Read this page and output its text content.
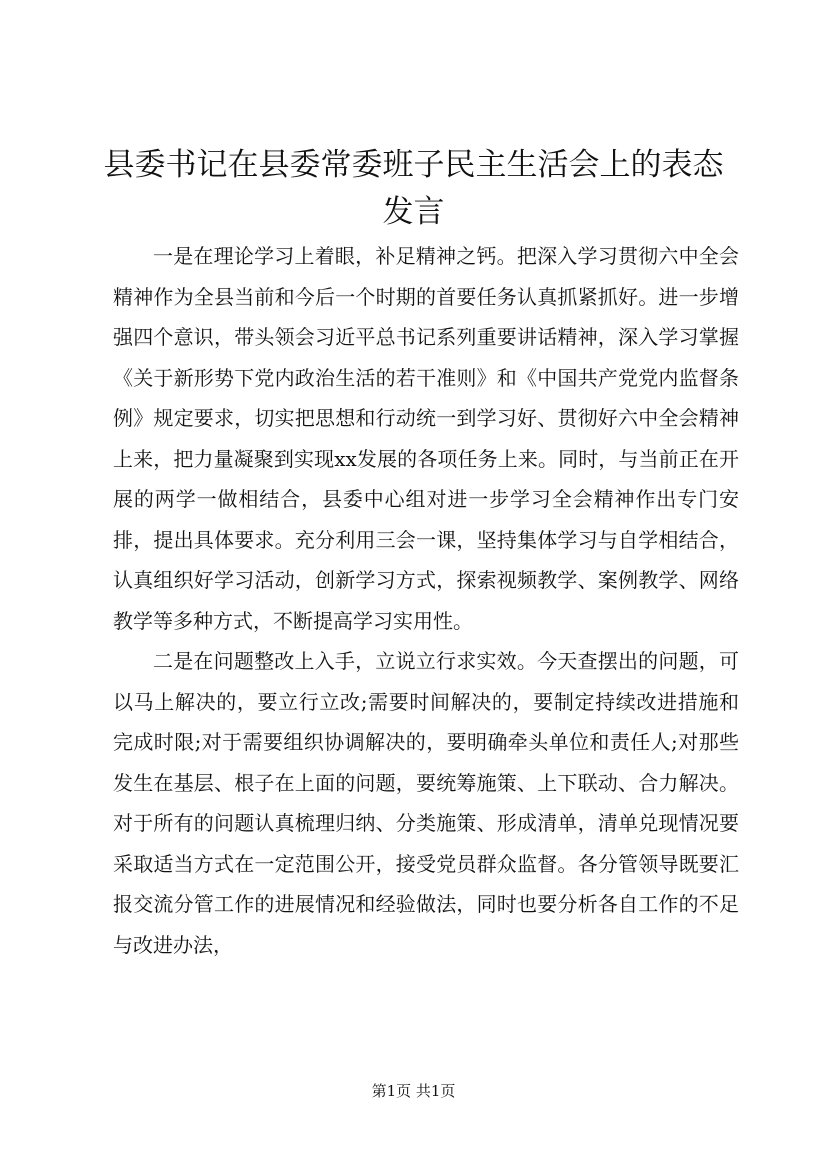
县委书记在县委常委班子民主生活会上的表态
发言

一是在理论学习上着眼，补足精神之钙。把深入学习贯彻六中全会精神作为全县当前和今后一个时期的首要任务认真抓紧抓好。进一步增强四个意识，带头领会习近平总书记系列重要讲话精神，深入学习掌握《关于新形势下党内政治生活的若干准则》和《中国共产党党内监督条例》规定要求，切实把思想和行动统一到学习好、贯彻好六中全会精神上来，把力量凝聚到实现xx发展的各项任务上来。同时，与当前正在开展的两学一做相结合，县委中心组对进一步学习全会精神作出专门安排，提出具体要求。充分利用三会一课，坚持集体学习与自学相结合，认真组织好学习活动，创新学习方式，探索视频教学、案例教学、网络教学等多种方式，不断提高学习实用性。

二是在问题整改上入手，立说立行求实效。今天查摆出的问题，可以马上解决的，要立行立改;需要时间解决的，要制定持续改进措施和完成时限;对于需要组织协调解决的，要明确牵头单位和责任人;对那些发生在基层、根子在上面的问题，要统筹施策、上下联动、合力解决。对于所有的问题认真梳理归纳、分类施策、形成清单，清单兑现情况要采取适当方式在一定范围公开，接受党员群众监督。各分管领导既要汇报交流分管工作的进展情况和经验做法，同时也要分析各自工作的不足与改进办法，

第1页 共1页
